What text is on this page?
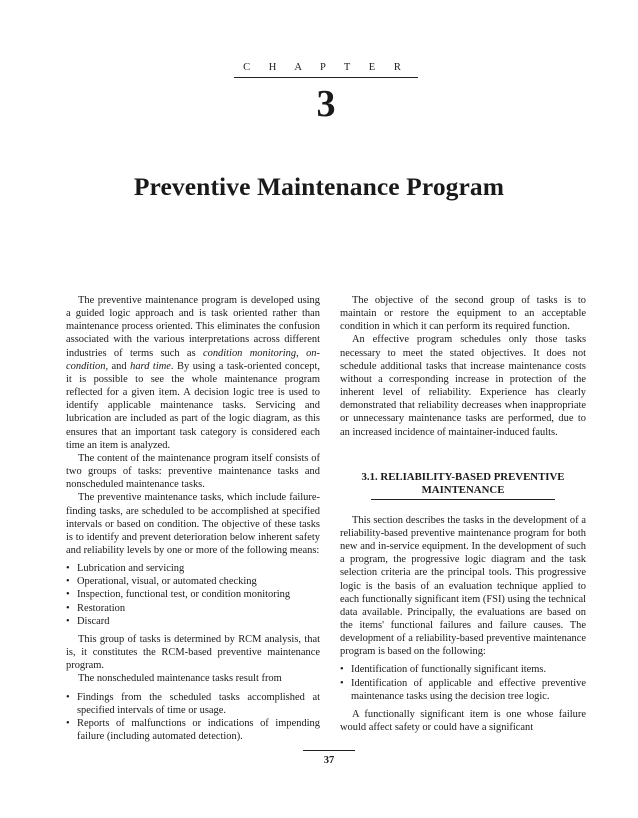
C H A P T E R
3
Preventive Maintenance Program

The preventive maintenance program is developed using a guided logic approach and is task oriented rather than maintenance process oriented. This eliminates the confusion associated with the various interpretations across different industries of terms such as condition monitoring, on-condition, and hard time. By using a task-oriented concept, it is possible to see the whole maintenance program reflected for a given item. A decision logic tree is used to identify applicable maintenance tasks. Servicing and lubrication are included as part of the logic diagram, as this ensures that an important task category is considered each time an item is analyzed.

The content of the maintenance program itself consists of two groups of tasks: preventive maintenance tasks and nonscheduled maintenance tasks.

The preventive maintenance tasks, which include failure-finding tasks, are scheduled to be accomplished at specified intervals or based on condition. The objective of these tasks is to identify and prevent deterioration below inherent safety and reliability levels by one or more of the following means:

• Lubrication and servicing
• Operational, visual, or automated checking
• Inspection, functional test, or condition monitoring
• Restoration
• Discard

This group of tasks is determined by RCM analysis, that is, it constitutes the RCM-based preventive maintenance program.

The nonscheduled maintenance tasks result from

• Findings from the scheduled tasks accomplished at specified intervals of time or usage.
• Reports of malfunctions or indications of impending failure (including automated detection).

The objective of the second group of tasks is to maintain or restore the equipment to an acceptable condition in which it can perform its required function.

An effective program schedules only those tasks necessary to meet the stated objectives. It does not schedule additional tasks that increase maintenance costs without a corresponding increase in protection of the inherent level of reliability. Experience has clearly demonstrated that reliability decreases when inappropriate or unnecessary maintenance tasks are performed, due to an increased incidence of maintainer-induced faults.

3.1. RELIABILITY-BASED PREVENTIVE MAINTENANCE

This section describes the tasks in the development of a reliability-based preventive maintenance program for both new and in-service equipment. In the development of such a program, the progressive logic diagram and the task selection criteria are the principal tools. This progressive logic is the basis of an evaluation technique applied to each functionally significant item (FSI) using the technical data available. Principally, the evaluations are based on the items' functional failures and failure causes. The development of a reliability-based preventive maintenance program is based on the following:

• Identification of functionally significant items.
• Identification of applicable and effective preventive maintenance tasks using the decision tree logic.

A functionally significant item is one whose failure would affect safety or could have a significant

37
